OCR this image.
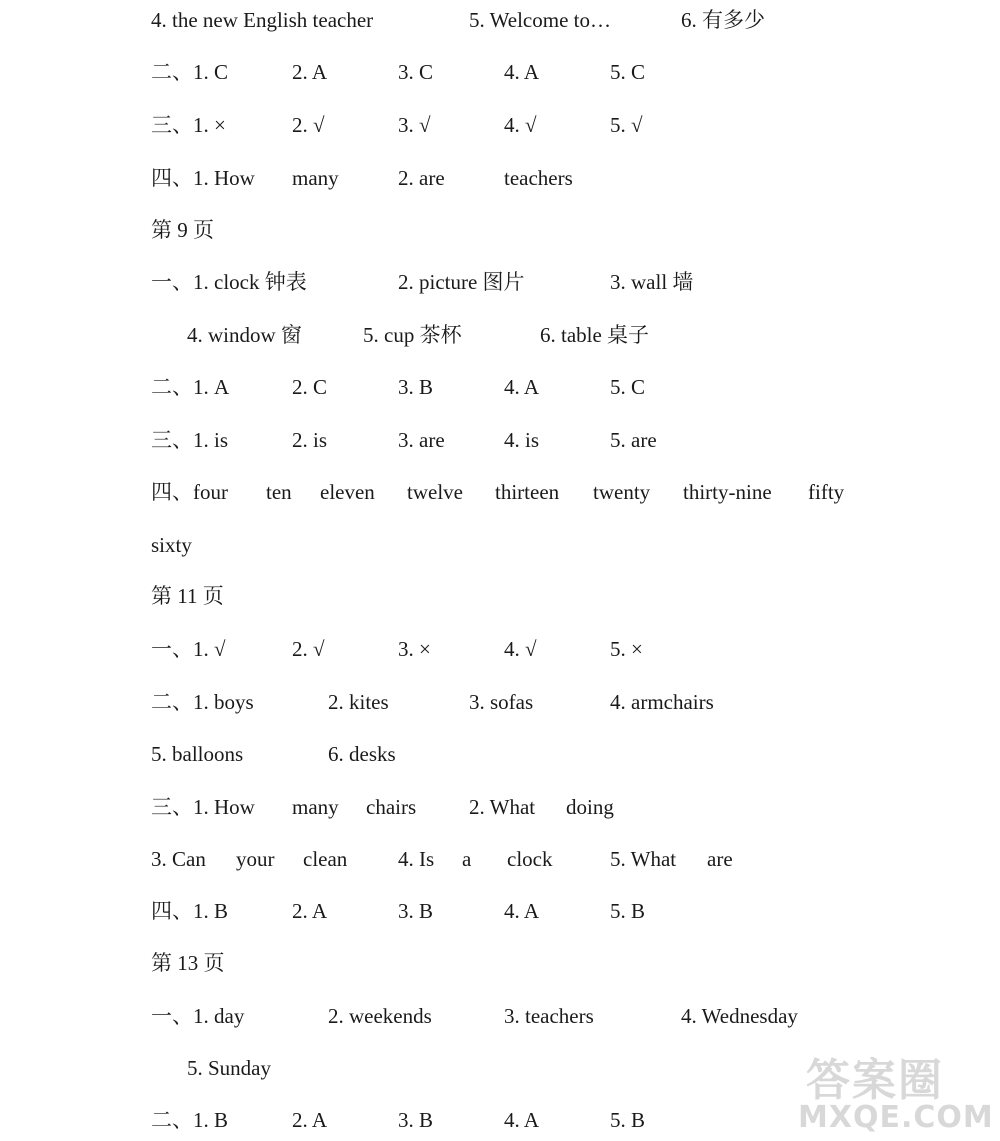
4. the new English teacher	5. Welcome to…	6. 有多少
二、1. C	2. A	3. C	4. A	5. C
三、1. ×	2. √	3. √	4. √	5. √
四、1. How many	2. are	teachers
第 9 页
一、1. clock 钟表	2. picture 图片	3. wall 墙
4. window 窗	5. cup 茶杯	6. table 桌子
二、1. A	2. C	3. B	4. A	5. C
三、1. is	2. is	3. are	4. is	5. are
四、four ten eleven twelve thirteen twenty thirty-nine fifty
sixty
第 11 页
一、1. √	2. √	3. ×	4. √	5. ×
二、1. boys	2. kites	3. sofas	4. armchairs
5. balloons	6. desks
三、1. How many chairs	2. What doing
3. Can your clean 4. Is a clock	5. What are
四、1. B	2. A	3. B	4. A	5. B
第 13 页
一、1. day	2. weekends	3. teachers	4. Wednesday
5. Sunday
二、1. B	2. A	3. B	4. A	5. B
答案圈
MXQE.COM
